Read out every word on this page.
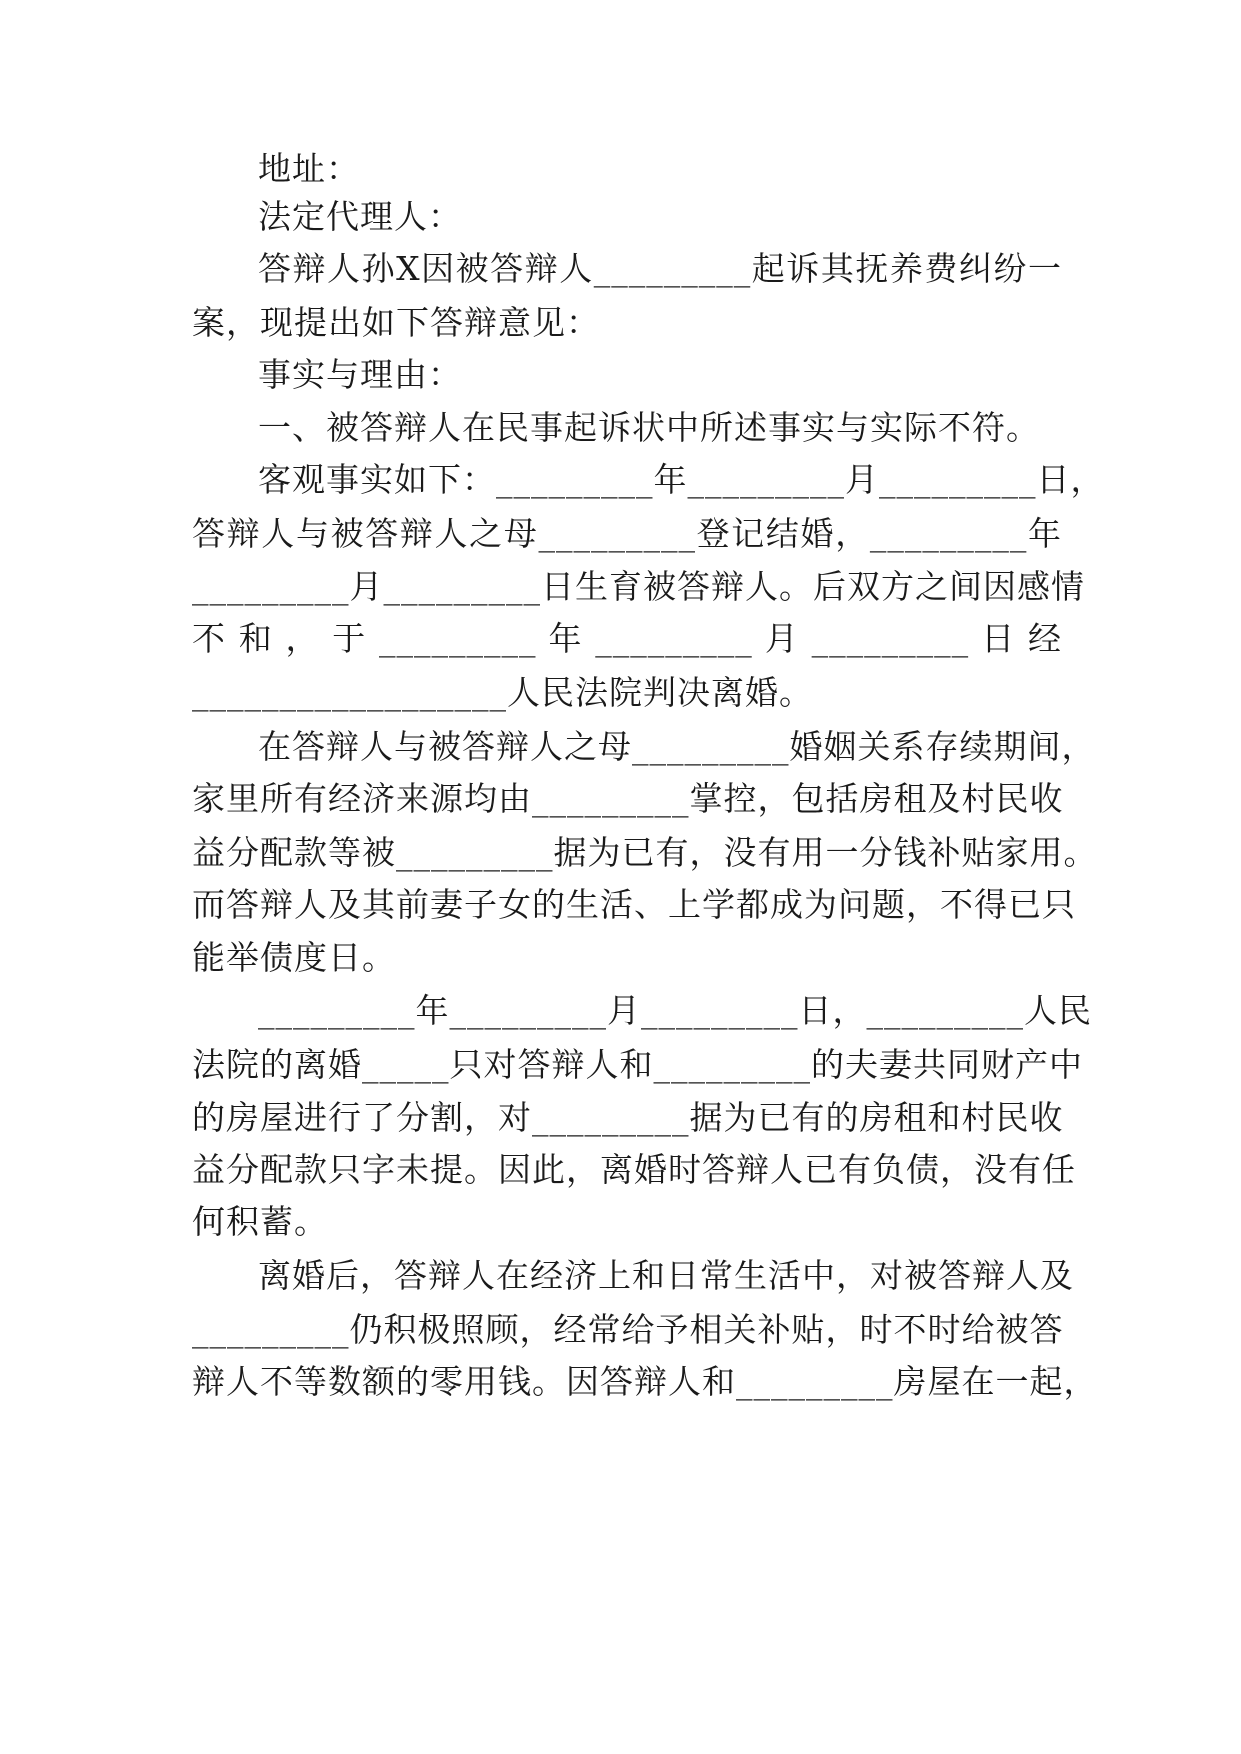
地址：
法定代理人：
答辩人孙X因被答辩人_________起诉其抚养费纠纷一
案，现提出如下答辩意见：
事实与理由：
一、被答辩人在民事起诉状中所述事实与实际不符。
客观事实如下：_________年_________月_________日，
答辩人与被答辩人之母_________登记结婚，_________年
_________月_________日生育被答辩人。后双方之间因感情
不 和 ， 于 _________ 年 _________ 月 _________ 日 经
__________________人民法院判决离婚。
在答辩人与被答辩人之母_________婚姻关系存续期间，
家里所有经济来源均由_________掌控，包括房租及村民收
益分配款等被_________据为已有，没有用一分钱补贴家用。
而答辩人及其前妻子女的生活、上学都成为问题，不得已只
能举债度日。
_________年_________月_________日，_________人民
法院的离婚_____只对答辩人和_________的夫妻共同财产中
的房屋进行了分割，对_________据为已有的房租和村民收
益分配款只字未提。因此，离婚时答辩人已有负债，没有任
何积蓄。
离婚后，答辩人在经济上和日常生活中，对被答辩人及
_________仍积极照顾，经常给予相关补贴，时不时给被答
辩人不等数额的零用钱。因答辩人和_________房屋在一起，
